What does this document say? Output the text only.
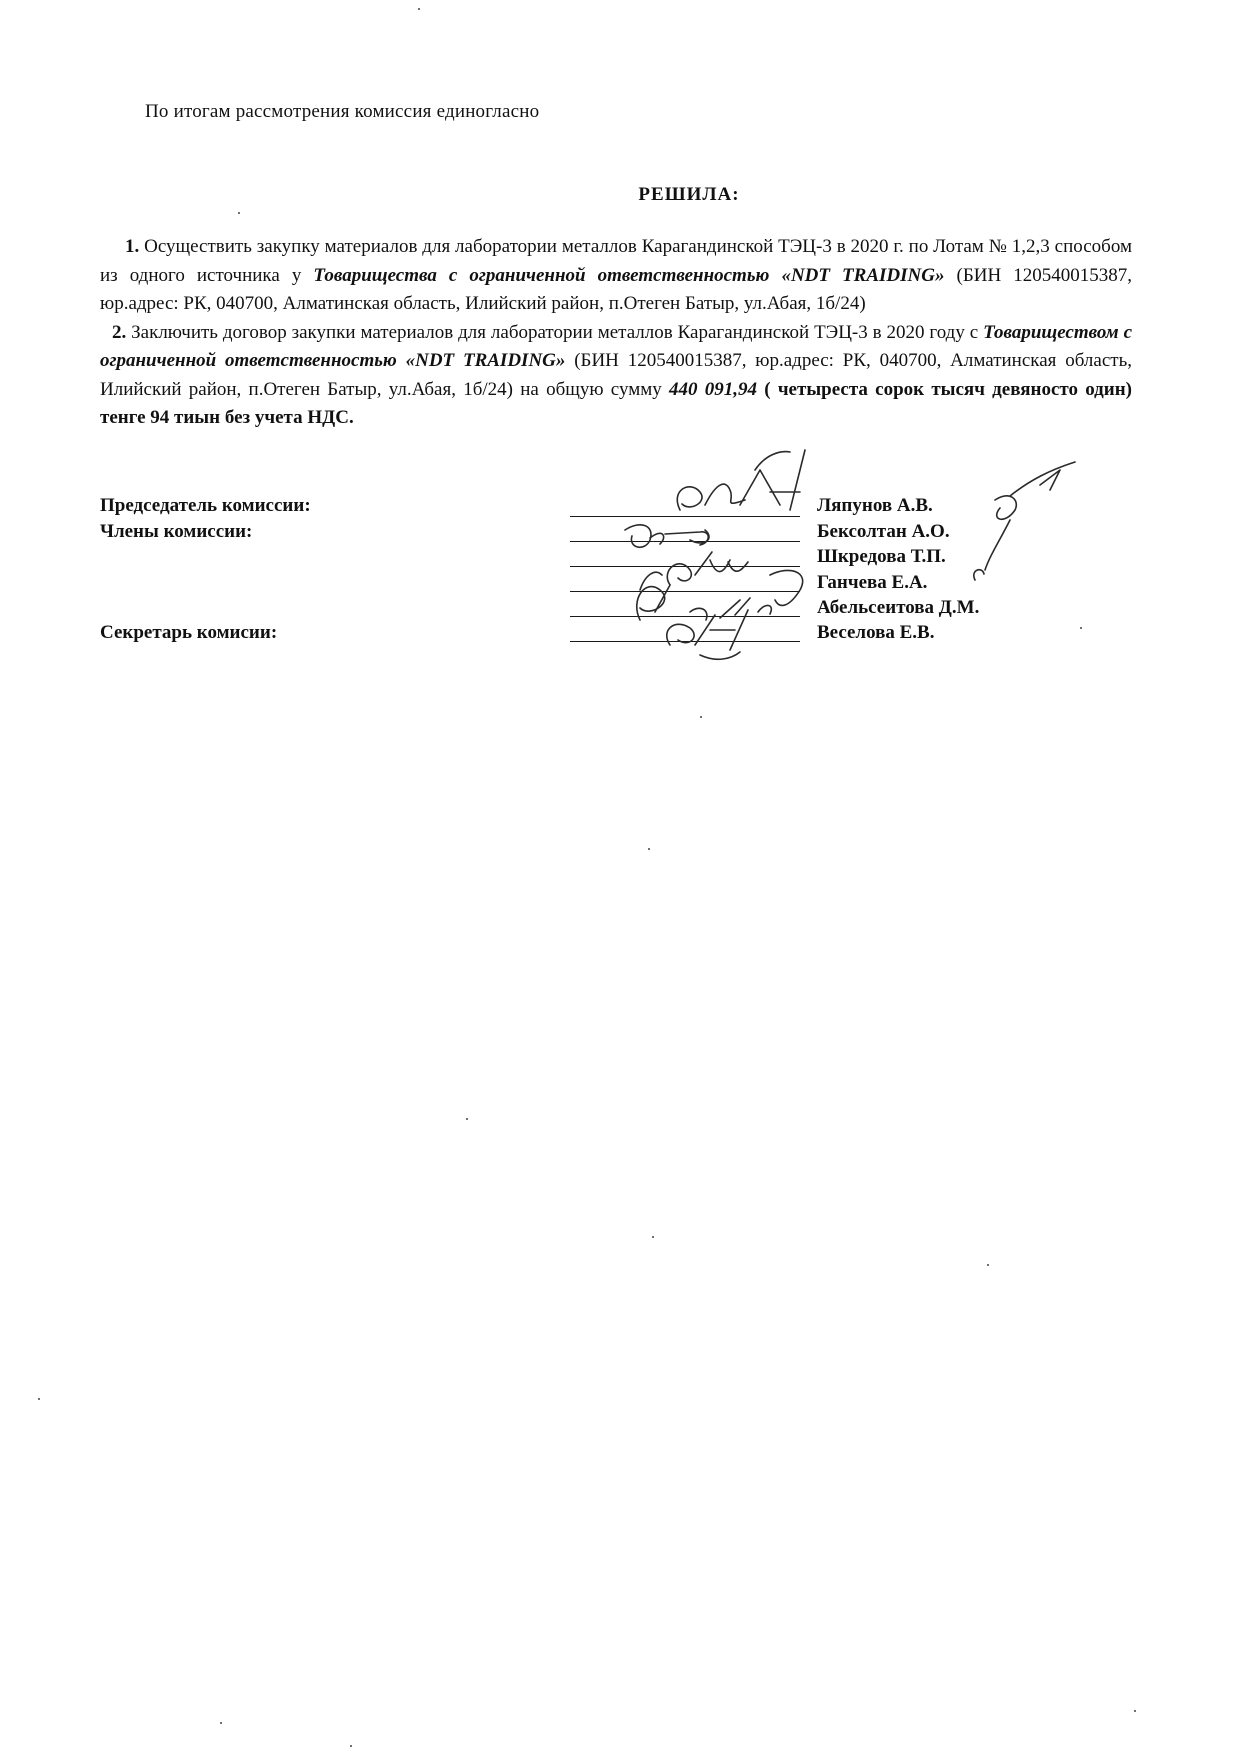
По итогам рассмотрения комиссия единогласно
РЕШИЛА:

1. Осуществить закупку материалов для лаборатории металлов Карагандинской ТЭЦ-3 в 2020 г. по Лотам № 1,2,3 способом из одного источника у Товарищества с ограниченной ответственностью «NDT TRAIDING» (БИН 120540015387, юр.адрес: РК, 040700, Алматинская область, Илийский район, п.Отеген Батыр, ул.Абая, 1б/24)

2. Заключить договор закупки материалов для лаборатории металлов Карагандинской ТЭЦ-3 в 2020 году с Товариществом с ограниченной ответственностью «NDT TRAIDING» (БИН 120540015387, юр.адрес: РК, 040700, Алматинская область, Илийский район, п.Отеген Батыр, ул.Абая, 1б/24) на общую сумму 440 091,94 ( четыреста сорок тысяч девяносто один) тенге 94 тиын без учета НДС.

Председатель комиссии:
Члены комиссии:
Секретарь комисии:
Ляпунов А.В.
Бексолтан А.О.
Шкредова Т.П.
Ганчева Е.А.
Абельсеитова Д.М.
Веселова Е.В.
